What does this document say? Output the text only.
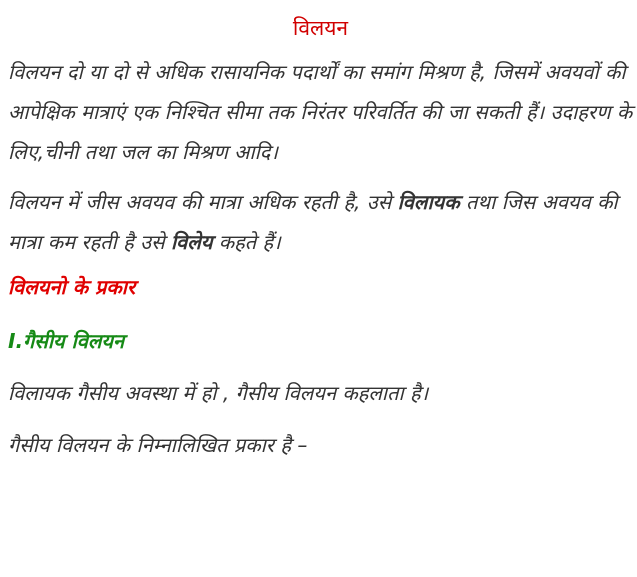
विलयन

विलयन दो या दो से अधिक रासायनिक पदार्थों का समांग मिश्रण है, जिसमें अवयवों की आपेक्षिक मात्राएं एक निश्चित सीमा तक निरंतर परिवर्तित की जा सकती हैं। उदाहरण के लिए,चीनी तथा जल का मिश्रण आदि।

विलयन में जीस अवयव की मात्रा अधिक रहती है, उसे विलायक तथा जिस अवयव की मात्रा कम रहती है उसे विलेय कहते हैं।

विलयनो के प्रकार
I.गैसीय विलयन
विलायक गैसीय अवस्था में हो , गैसीय विलयन कहलाता है।
गैसीय विलयन के निम्नालिखित प्रकार है –
